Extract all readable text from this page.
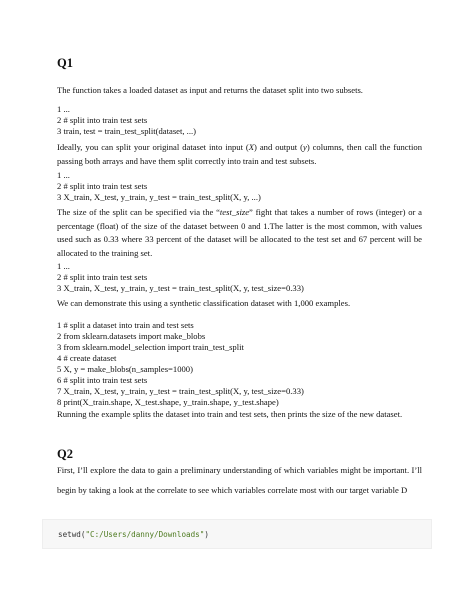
Q1
The function takes a loaded dataset as input and returns the dataset split into two subsets.
1 ...
2 # split into train test sets
3 train, test = train_test_split(dataset, ...)
Ideally, you can split your original dataset into input (X) and output (y) columns, then call the function passing both arrays and have them split correctly into train and test subsets.
1 ...
2 # split into train test sets
3 X_train, X_test, y_train, y_test = train_test_split(X, y, ...)
The size of the split can be specified via the “test_size” fight that takes a number of rows (integer) or a percentage (float) of the size of the dataset between 0 and 1.The latter is the most common, with values used such as 0.33 where 33 percent of the dataset will be allocated to the test set and 67 percent will be allocated to the training set.
1 ...
2 # split into train test sets
3 X_train, X_test, y_train, y_test = train_test_split(X, y, test_size=0.33)
We can demonstrate this using a synthetic classification dataset with 1,000 examples.
1 # split a dataset into train and test sets
2 from sklearn.datasets import make_blobs
3 from sklearn.model_selection import train_test_split
4 # create dataset
5 X, y = make_blobs(n_samples=1000)
6 # split into train test sets
7 X_train, X_test, y_train, y_test = train_test_split(X, y, test_size=0.33)
8 print(X_train.shape, X_test.shape, y_train.shape, y_test.shape)
Running the example splits the dataset into train and test sets, then prints the size of the new dataset.
Q2
First, I’ll explore the data to gain a preliminary understanding of which variables might be important. I’ll begin by taking a look at the correlate to see which variables correlate most with our target variable D
setwd("C:/Users/danny/Downloads")
